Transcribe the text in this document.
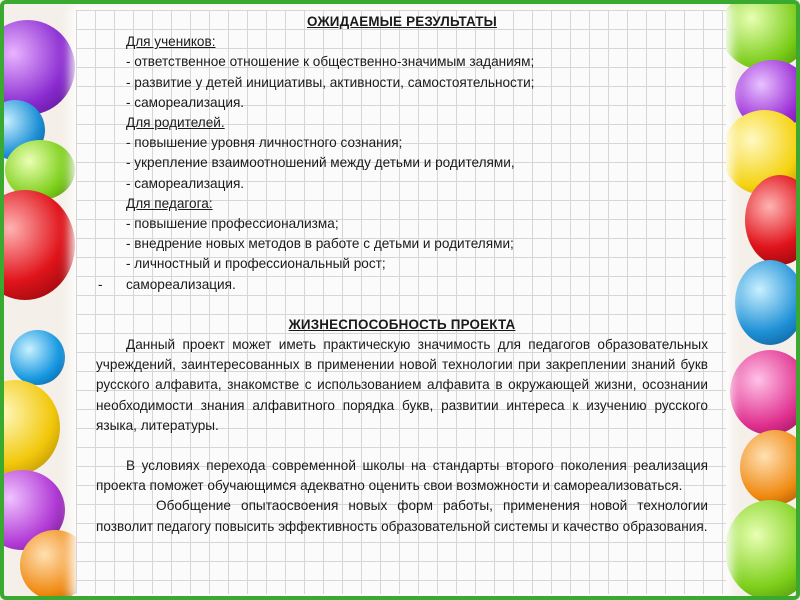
ОЖИДАЕМЫЕ РЕЗУЛЬТАТЫ
Для учеников:
- ответственное отношение к общественно-значимым заданиям;
- развитие у детей инициативы, активности, самостоятельности;
- самореализация.
Для родителей.
- повышение уровня личностного сознания;
- укрепление взаимоотношений между детьми и родителями,
- самореализация.
Для педагога:
- повышение профессионализма;
- внедрение новых методов в работе с детьми и родителями;
- личностный и профессиональный рост;
- самореализация.
ЖИЗНЕСПОСОБНОСТЬ ПРОЕКТА
Данный проект может иметь практическую значимость для педагогов образовательных учреждений, заинтересованных в применении новой технологии при закреплении знаний букв русского алфавита, знакомстве с использованием алфавита в окружающей жизни, осознании необходимости знания алфавитного порядка букв, развитии интереса к изучению русского языка, литературы.
В условиях перехода современной школы на стандарты второго поколения реализация проекта поможет обучающимся адекватно оценить свои возможности и самореализоваться.
Обобщение опытаосвоения новых форм работы, применения новой технологии позволит педагогу повысить эффективность образовательной системы и качество образования.
